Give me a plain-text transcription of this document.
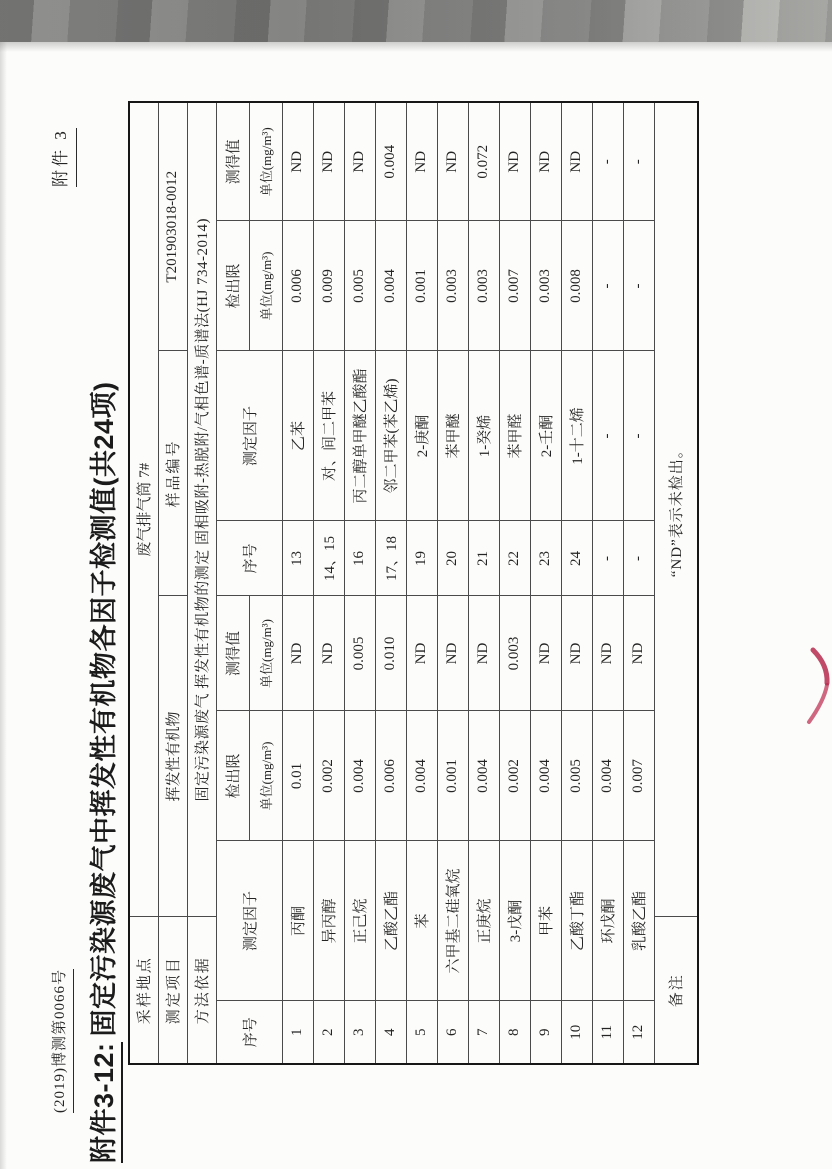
(2019)博测第0066号
附件 3
附件3-12:固定污染源废气中挥发性有机物各因子检测值(共24项) 采样地点		废气排气筒 7#						
测定项目		挥发性有机物			样品编号		T201903018-0012	
方法依据		固定污染源废气 挥发性有机物的测定 固相吸附-热脱附/气相色谱-质谱法(HJ 734-2014)						
序号	测定因子		检出限	测得值	序号	测定因子	检出限	测得值
			单位(mg/m³)	单位(mg/m³)			单位(mg/m³)	单位(mg/m³)
1	丙酮		0.01	ND	13	乙苯	0.006	ND
2	异丙醇		0.002	ND	14、15	对、间二甲苯	0.009	ND
3	正己烷		0.004	0.005	16	丙二醇单甲醚乙酸酯	0.005	ND
4	乙酸乙酯		0.006	0.010	17、18	邻二甲苯(苯乙烯)	0.004	0.004
5	苯		0.004	ND	19	2-庚酮	0.001	ND
6	六甲基二硅氧烷		0.001	ND	20	苯甲醚	0.003	ND
7	正庚烷		0.004	ND	21	1-癸烯	0.003	0.072
8	3-戊酮		0.002	0.003	22	苯甲醛	0.007	ND
9	甲苯		0.004	ND	23	2-壬酮	0.003	ND
10	乙酸丁酯		0.005	ND	24	1-十二烯	0.008	ND
11	环戊酮		0.004	ND	-	-	-	-
12	乳酸乙酯		0.007	ND	-	-	-	-
备注		“ND”表示未检出。						
